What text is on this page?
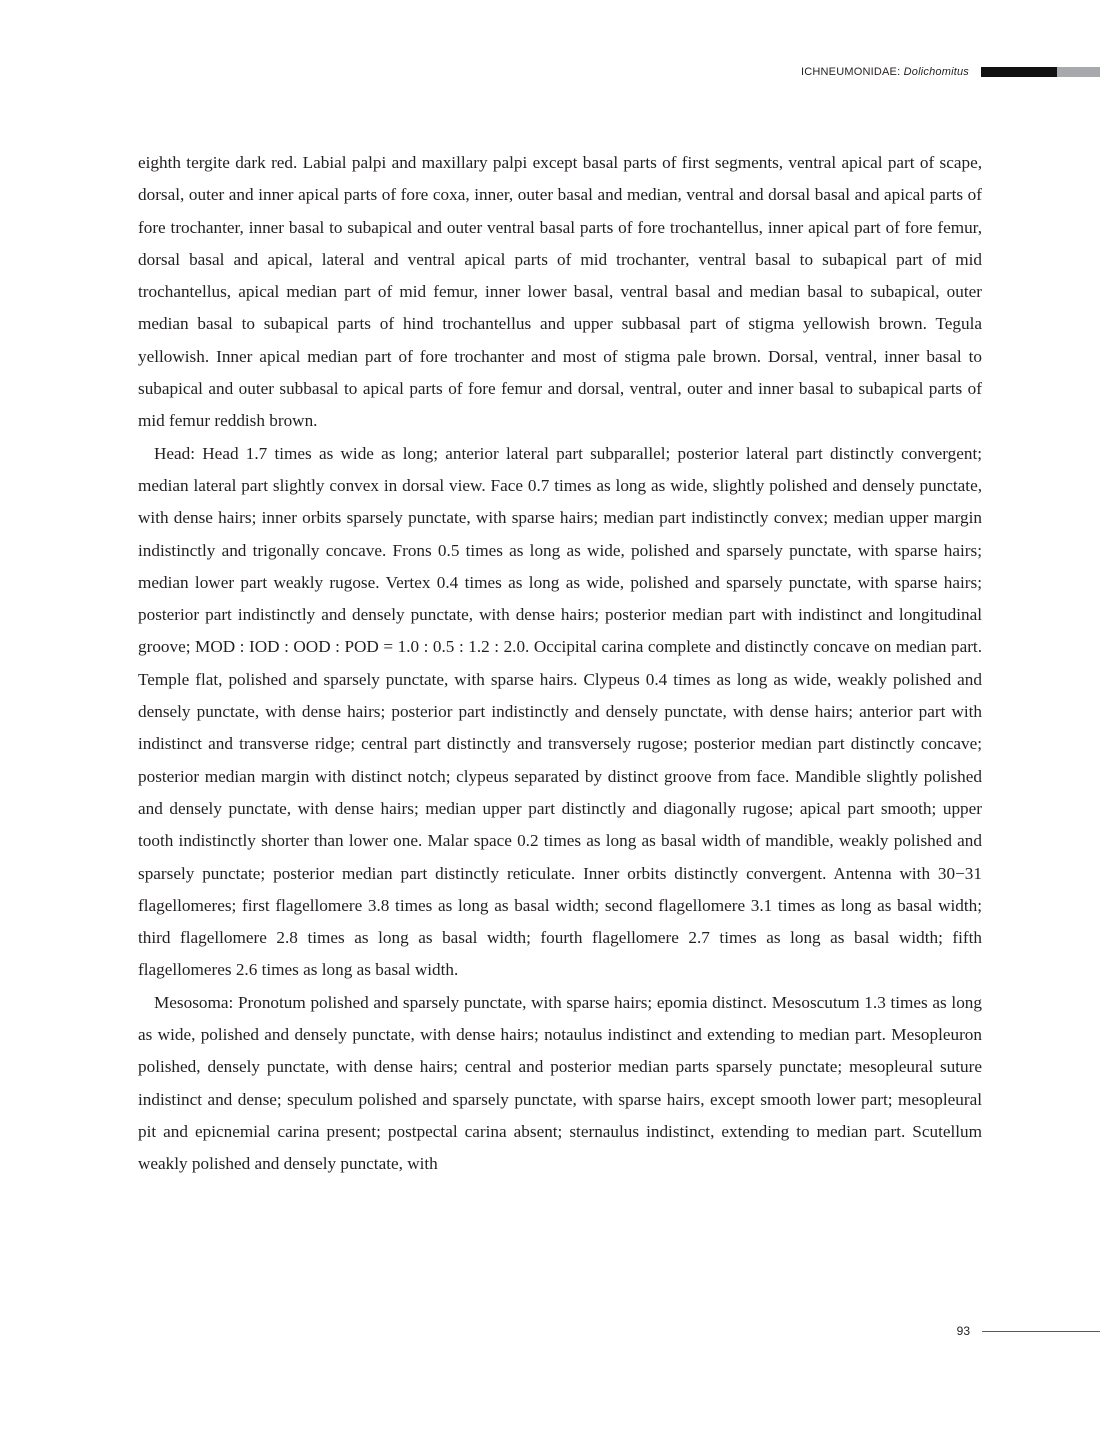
ICHNEUMONIDAE: Dolichomitus

eighth tergite dark red. Labial palpi and maxillary palpi except basal parts of first segments, ventral apical part of scape, dorsal, outer and inner apical parts of fore coxa, inner, outer basal and median, ventral and dorsal basal and apical parts of fore trochanter, inner basal to subapical and outer ventral basal parts of fore trochantellus, inner apical part of fore femur, dorsal basal and apical, lateral and ventral apical parts of mid trochanter, ventral basal to subapical part of mid trochantellus, apical median part of mid femur, inner lower basal, ventral basal and median basal to subapical, outer median basal to subapical parts of hind trochantellus and upper subbasal part of stigma yellowish brown. Tegula yellowish. Inner apical median part of fore trochanter and most of stigma pale brown. Dorsal, ventral, inner basal to subapical and outer subbasal to apical parts of fore femur and dorsal, ventral, outer and inner basal to subapical parts of mid femur reddish brown.

Head: Head 1.7 times as wide as long; anterior lateral part subparallel; posterior lateral part distinctly convergent; median lateral part slightly convex in dorsal view. Face 0.7 times as long as wide, slightly polished and densely punctate, with dense hairs; inner orbits sparsely punctate, with sparse hairs; median part indistinctly convex; median upper margin indistinctly and trigonally concave. Frons 0.5 times as long as wide, polished and sparsely punctate, with sparse hairs; median lower part weakly rugose. Vertex 0.4 times as long as wide, polished and sparsely punctate, with sparse hairs; posterior part indistinctly and densely punctate, with dense hairs; posterior median part with indistinct and longitudinal groove; MOD : IOD : OOD : POD = 1.0 : 0.5 : 1.2 : 2.0. Occipital carina complete and distinctly concave on median part. Temple flat, polished and sparsely punctate, with sparse hairs. Clypeus 0.4 times as long as wide, weakly polished and densely punctate, with dense hairs; posterior part indistinctly and densely punctate, with dense hairs; anterior part with indistinct and transverse ridge; central part distinctly and transversely rugose; posterior median part distinctly concave; posterior median margin with distinct notch; clypeus separated by distinct groove from face. Mandible slightly polished and densely punctate, with dense hairs; median upper part distinctly and diagonally rugose; apical part smooth; upper tooth indistinctly shorter than lower one. Malar space 0.2 times as long as basal width of mandible, weakly polished and sparsely punctate; posterior median part distinctly reticulate. Inner orbits distinctly convergent. Antenna with 30−31 flagellomeres; first flagellomere 3.8 times as long as basal width; second flagellomere 3.1 times as long as basal width; third flagellomere 2.8 times as long as basal width; fourth flagellomere 2.7 times as long as basal width; fifth flagellomeres 2.6 times as long as basal width.

Mesosoma: Pronotum polished and sparsely punctate, with sparse hairs; epomia distinct. Mesoscutum 1.3 times as long as wide, polished and densely punctate, with dense hairs; notaulus indistinct and extending to median part. Mesopleuron polished, densely punctate, with dense hairs; central and posterior median parts sparsely punctate; mesopleural suture indistinct and dense; speculum polished and sparsely punctate, with sparse hairs, except smooth lower part; mesopleural pit and epicnemial carina present; postpectal carina absent; sternaulus indistinct, extending to median part. Scutellum weakly polished and densely punctate, with

93
